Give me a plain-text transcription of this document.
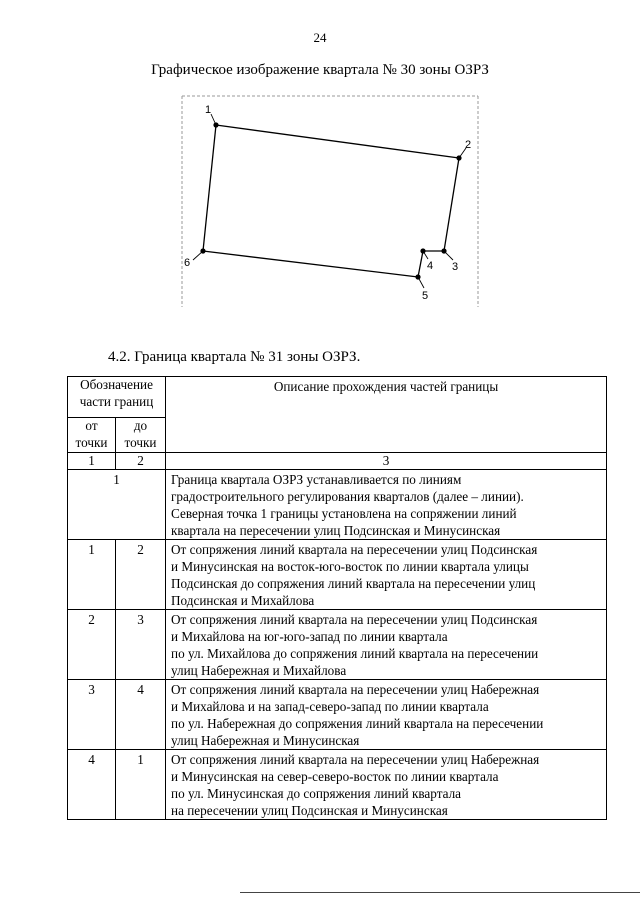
24
Графическое изображение квартала № 30 зоны ОЗРЗ
1
2
3
4
5
6
4.2. Граница квартала № 31 зоны ОЗРЗ.
Обозначение
части границ		Описание прохождения частей границы
от
точки	до
точки	
1	2	3
1		Граница квартала ОЗРЗ устанавливается по линиям
градостроительного регулирования кварталов (далее – линии).
Северная точка 1 границы установлена на сопряжении линий
квартала на пересечении улиц Подсинская и Минусинская

1	2	От сопряжения линий квартала на пересечении улиц Подсинская
и Минусинская на восток-юго-восток по линии квартала улицы
Подсинская до сопряжения линий квартала на пересечении улиц
Подсинская и Михайлова

2	3	От сопряжения линий квартала на пересечении улиц Подсинская
и Михайлова на юг-юго-запад по линии квартала
по ул. Михайлова до сопряжения линий квартала на пересечении
улиц Набережная и Михайлова

3	4	От сопряжения линий квартала на пересечении улиц Набережная
и Михайлова и на запад-северо-запад по линии квартала
по ул. Набережная до сопряжения линий квартала на пересечении
улиц Набережная и Минусинская

4	1	От сопряжения линий квартала на пересечении улиц Набережная
и Минусинская на север-северо-восток по линии квартала
по ул. Минусинская до сопряжения линий квартала
на пересечении улиц Подсинская и Минусинская
